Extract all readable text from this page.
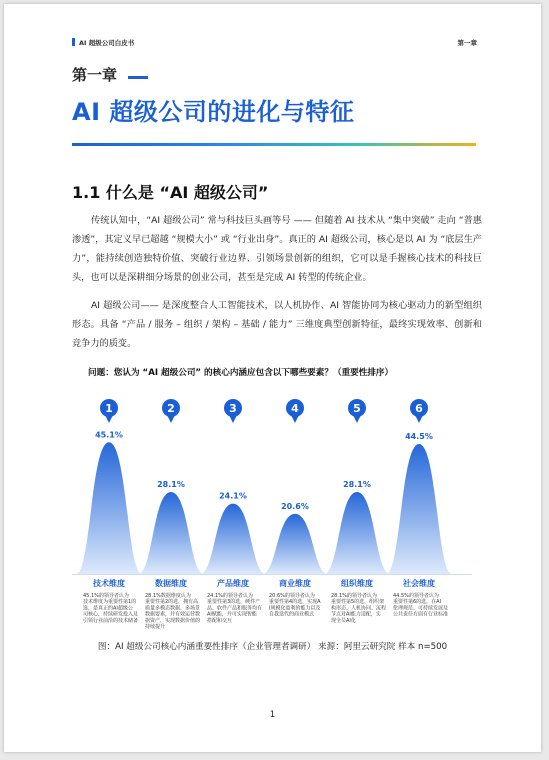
AI 超级公司白皮书	第一章
第一章
AI 超级公司的进化与特征
1.1 什么是 “AI 超级公司”
传统认知中，“AI 超级公司” 常与科技巨头画等号 —— 但随着 AI 技术从 “集中突破” 走向 “普惠渗透”，其定义早已超越 “规模大小” 或 “行业出身”。真正的 AI 超级公司，核心是以 AI 为 “底层生产力”，能持续创造独特价值、突破行业边界、引领场景创新的组织，它可以是手握核心技术的科技巨头，也可以是深耕细分场景的创业公司，甚至是完成 AI 转型的传统企业。
AI 超级公司—— 是深度整合人工智能技术，以人机协作、AI 智能协同为核心驱动力的新型组织形态。具备 “产品 / 服务 – 组织 / 架构 – 基础 / 能力” 三维度典型创新特征，最终实现效率、创新和竞争力的质变。
问题：您认为 “AI 超级公司” 的核心内涵应包含以下哪些要素？（重要性排序）
45.1%
1
技术维度
45.1%的领导者认为技术维度为重要性第1的选，是真正的AI超级公司核心，持续研发投入及引领行业前沿的技术储备
28.1%
2
数据维度
28.1%数据维度认为重要性第2的选，拥有高质量多模态数据、多场景数据要素，并有效运营数据资产，实现数据价值的持续提升
24.1%
3
产品维度
24.1%的领导者认为重要性第3的选，硬件产品、软件产品和服务均有 AI赋能，并可实现智能搭配和交互
20.6%
4
商业维度
20.6%的领导者认为重要性第4的选，实现A I规模化盈利的能力以及自我迭代的商业模式
28.1%
5
组织维度
28.1%的领导者认为重要性第5的选，组织架构形态、人机协同、流程节点对AI能力适配，实现全员AI化
44.5%
6
社会维度
44.5%的领导者认为重要性第6的选，在AI 伦理规范、可持续发展及公共责任方面有行业标准
图：AI 超级公司核心内涵重要性排序（企业管理者调研） 来源：阿里云研究院 样本 n=500
1
